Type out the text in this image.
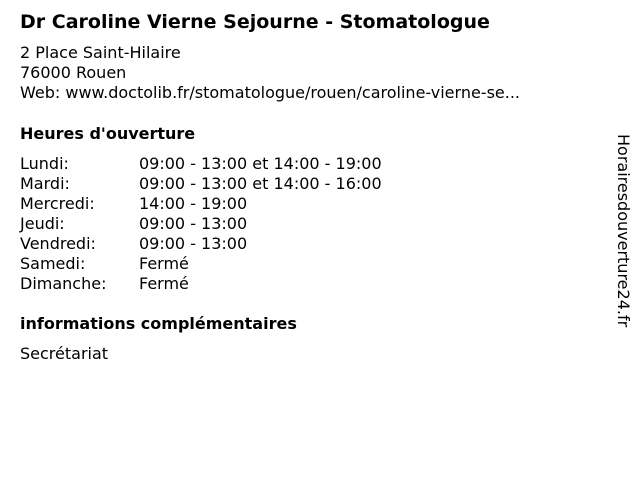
Dr Caroline Vierne Sejourne - Stomatologue
2 Place Saint-Hilaire
76000 Rouen
Web: www.doctolib.fr/stomatologue/rouen/caroline-vierne-se...
Heures d'ouverture
Lundi:	09:00 - 13:00 et 14:00 - 19:00
Mardi:	09:00 - 13:00 et 14:00 - 16:00
Mercredi:	14:00 - 19:00
Jeudi:	09:00 - 13:00
Vendredi:	09:00 - 13:00
Samedi:	Fermé
Dimanche: Fermé
informations complémentaires
Secrétariat
Horairesdouverture24.fr
